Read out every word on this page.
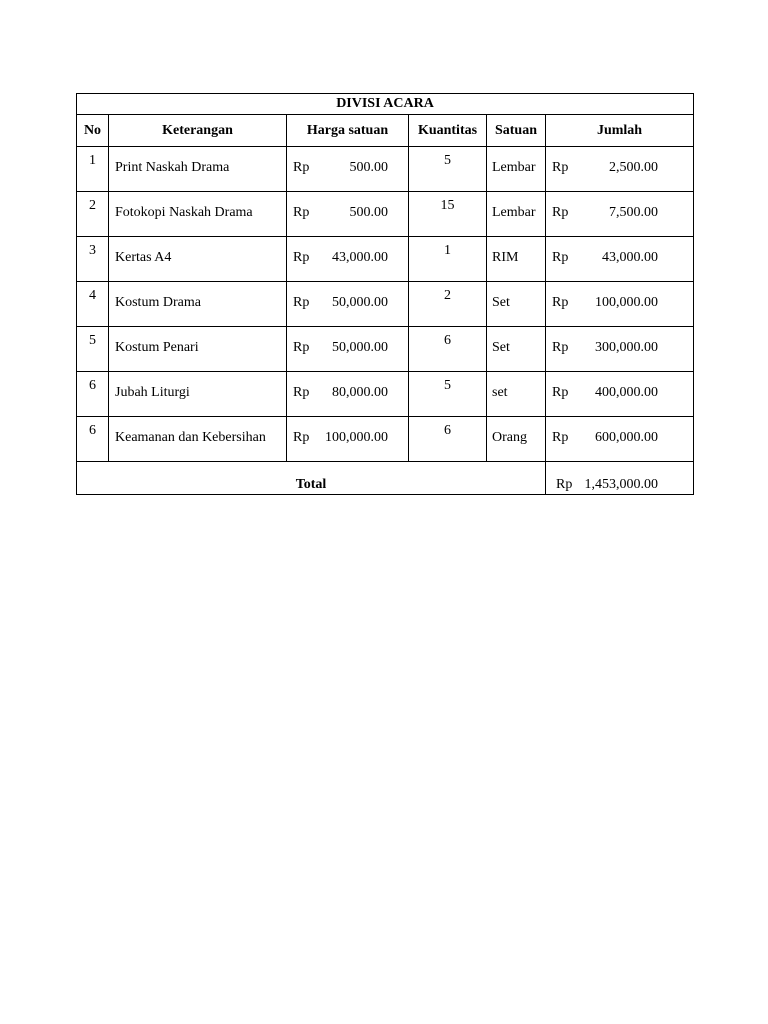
DIVISI ACARA					
No	Keterangan	Harga satuan	Kuantitas	Satuan	Jumlah
1	Print Naskah Drama	Rp 500.00	5	Lembar	Rp 2,500.00

2	Fotokopi Naskah Drama	Rp 500.00	15	Lembar	Rp 7,500.00

3	Kertas A4	Rp 43,000.00	1	RIM	Rp 43,000.00

4	Kostum Drama	Rp 50,000.00	2	Set	Rp 100,000.00

5	Kostum Penari	Rp 50,000.00	6	Set	Rp 300,000.00

6	Jubah Liturgi	Rp 80,000.00	5	set	Rp 400,000.00

6	Keamanan dan Kebersihan	Rp 100,000.00	6	Orang	Rp 600,000.00

Total					Rp 1,453,000.00
